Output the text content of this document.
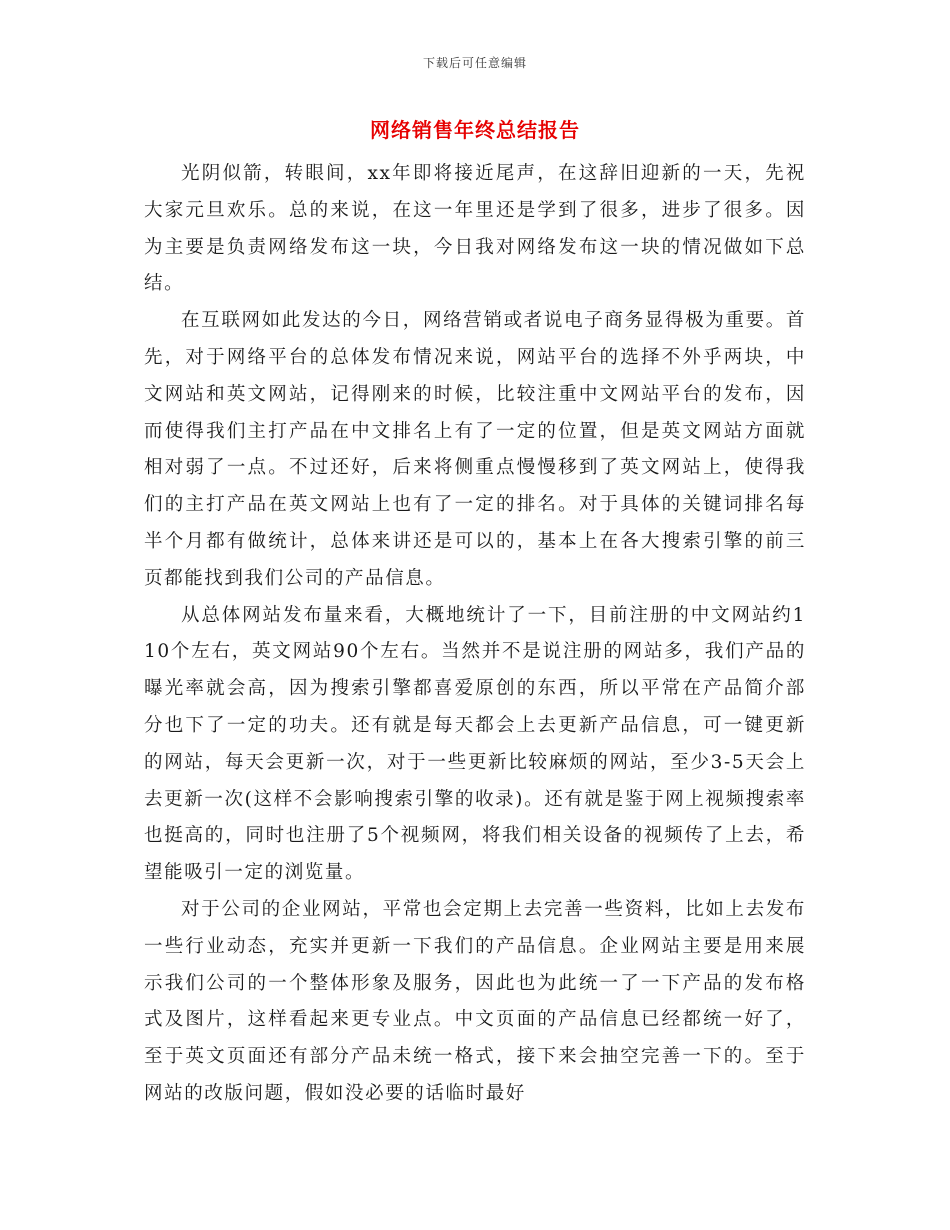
下载后可任意编辑
网络销售年终总结报告

光阴似箭，转眼间，xx年即将接近尾声，在这辞旧迎新的一天，先祝大家元旦欢乐。总的来说，在这一年里还是学到了很多，进步了很多。因为主要是负责网络发布这一块，今日我对网络发布这一块的情况做如下总结。

在互联网如此发达的今日，网络营销或者说电子商务显得极为重要。首先，对于网络平台的总体发布情况来说，网站平台的选择不外乎两块，中文网站和英文网站，记得刚来的时候，比较注重中文网站平台的发布，因而使得我们主打产品在中文排名上有了一定的位置，但是英文网站方面就相对弱了一点。不过还好，后来将侧重点慢慢移到了英文网站上，使得我们的主打产品在英文网站上也有了一定的排名。对于具体的关键词排名每半个月都有做统计，总体来讲还是可以的，基本上在各大搜索引擎的前三页都能找到我们公司的产品信息。

从总体网站发布量来看，大概地统计了一下，目前注册的中文网站约110个左右，英文网站90个左右。当然并不是说注册的网站多，我们产品的曝光率就会高，因为搜索引擎都喜爱原创的东西，所以平常在产品简介部分也下了一定的功夫。还有就是每天都会上去更新产品信息，可一键更新的网站，每天会更新一次，对于一些更新比较麻烦的网站，至少3-5天会上去更新一次(这样不会影响搜索引擎的收录)。还有就是鉴于网上视频搜索率也挺高的，同时也注册了5个视频网，将我们相关设备的视频传了上去，希望能吸引一定的浏览量。

对于公司的企业网站，平常也会定期上去完善一些资料，比如上去发布一些行业动态，充实并更新一下我们的产品信息。企业网站主要是用来展示我们公司的一个整体形象及服务，因此也为此统一了一下产品的发布格式及图片，这样看起来更专业点。中文页面的产品信息已经都统一好了，至于英文页面还有部分产品未统一格式，接下来会抽空完善一下的。至于网站的改版问题，假如没必要的话临时最好
